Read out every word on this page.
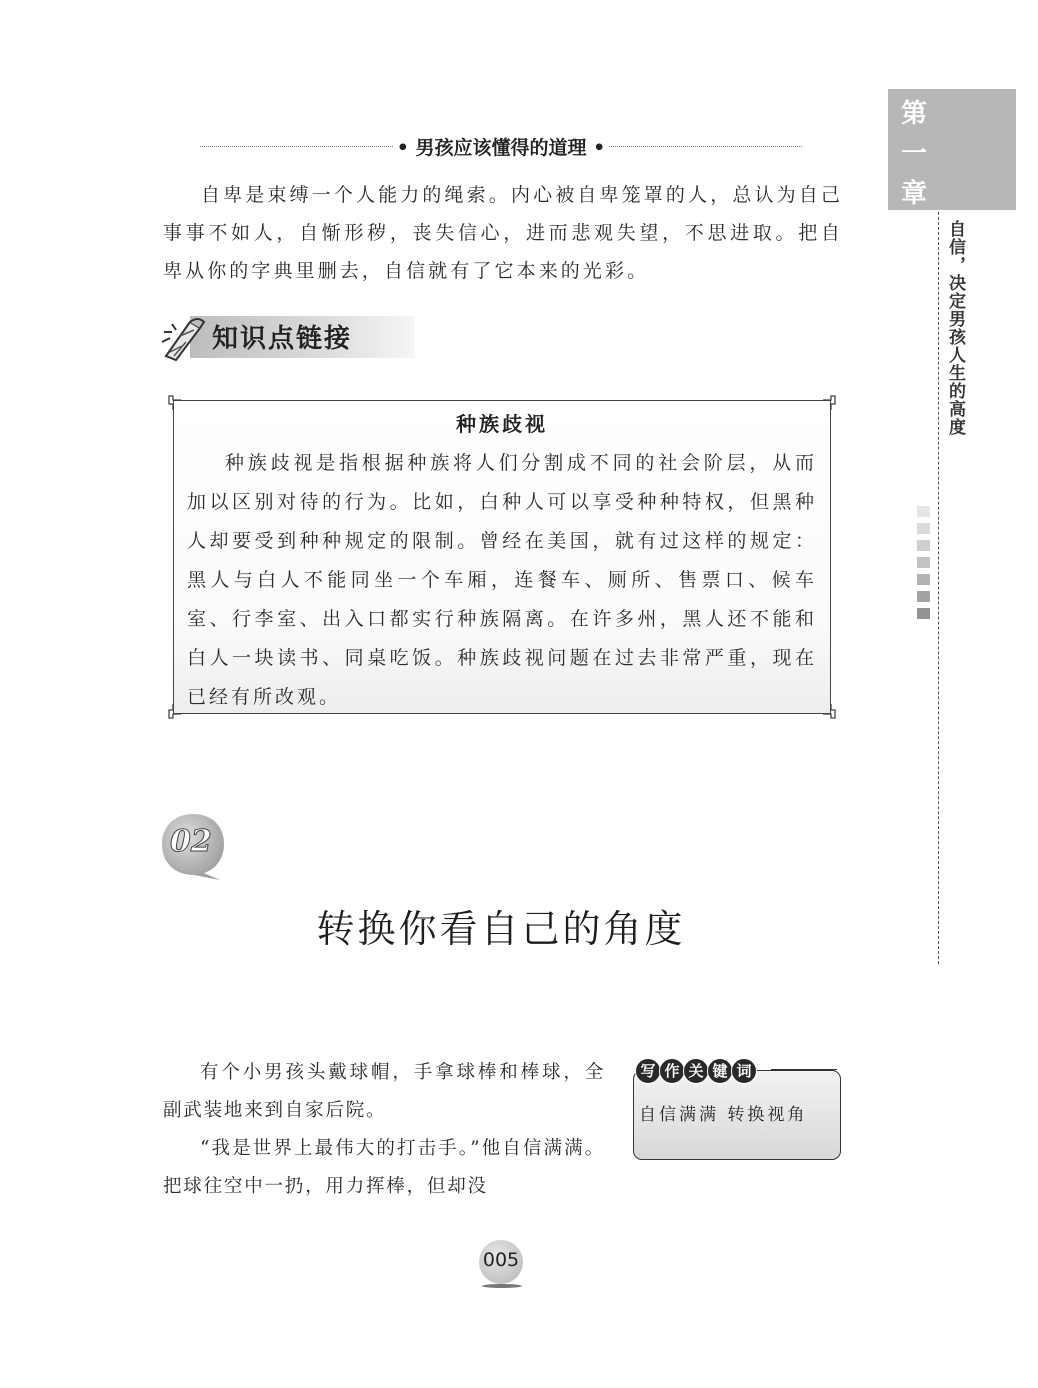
• 男孩应该懂得的道理 •

自卑是束缚一个人能力的绳索。内心被自卑笼罩的人，总认为自己事事不如人，自惭形秽，丧失信心，进而悲观失望，不思进取。把自卑从你的字典里删去，自信就有了它本来的光彩。

知识点链接
种族歧视

种族歧视是指根据种族将人们分割成不同的社会阶层，从而加以区别对待的行为。比如，白种人可以享受种种特权，但黑种人却要受到种种规定的限制。曾经在美国，就有过这样的规定：黑人与白人不能同坐一个车厢，连餐车、厕所、售票口、候车室、行李室、出入口都实行种族隔离。在许多州，黑人还不能和白人一块读书、同桌吃饭。种族歧视问题在过去非常严重，现在已经有所改观。

02
转换你看自己的角度

有个小男孩头戴球帽，手拿球棒和棒球，全副武装地来到自家后院。

“我是世界上最伟大的打击手。”他自信满满。把球往空中一扔，用力挥棒，但却没

写 作 关 键 词
自信满满 转换视角
005
第
一
章
自信，决定男孩人生的高度
